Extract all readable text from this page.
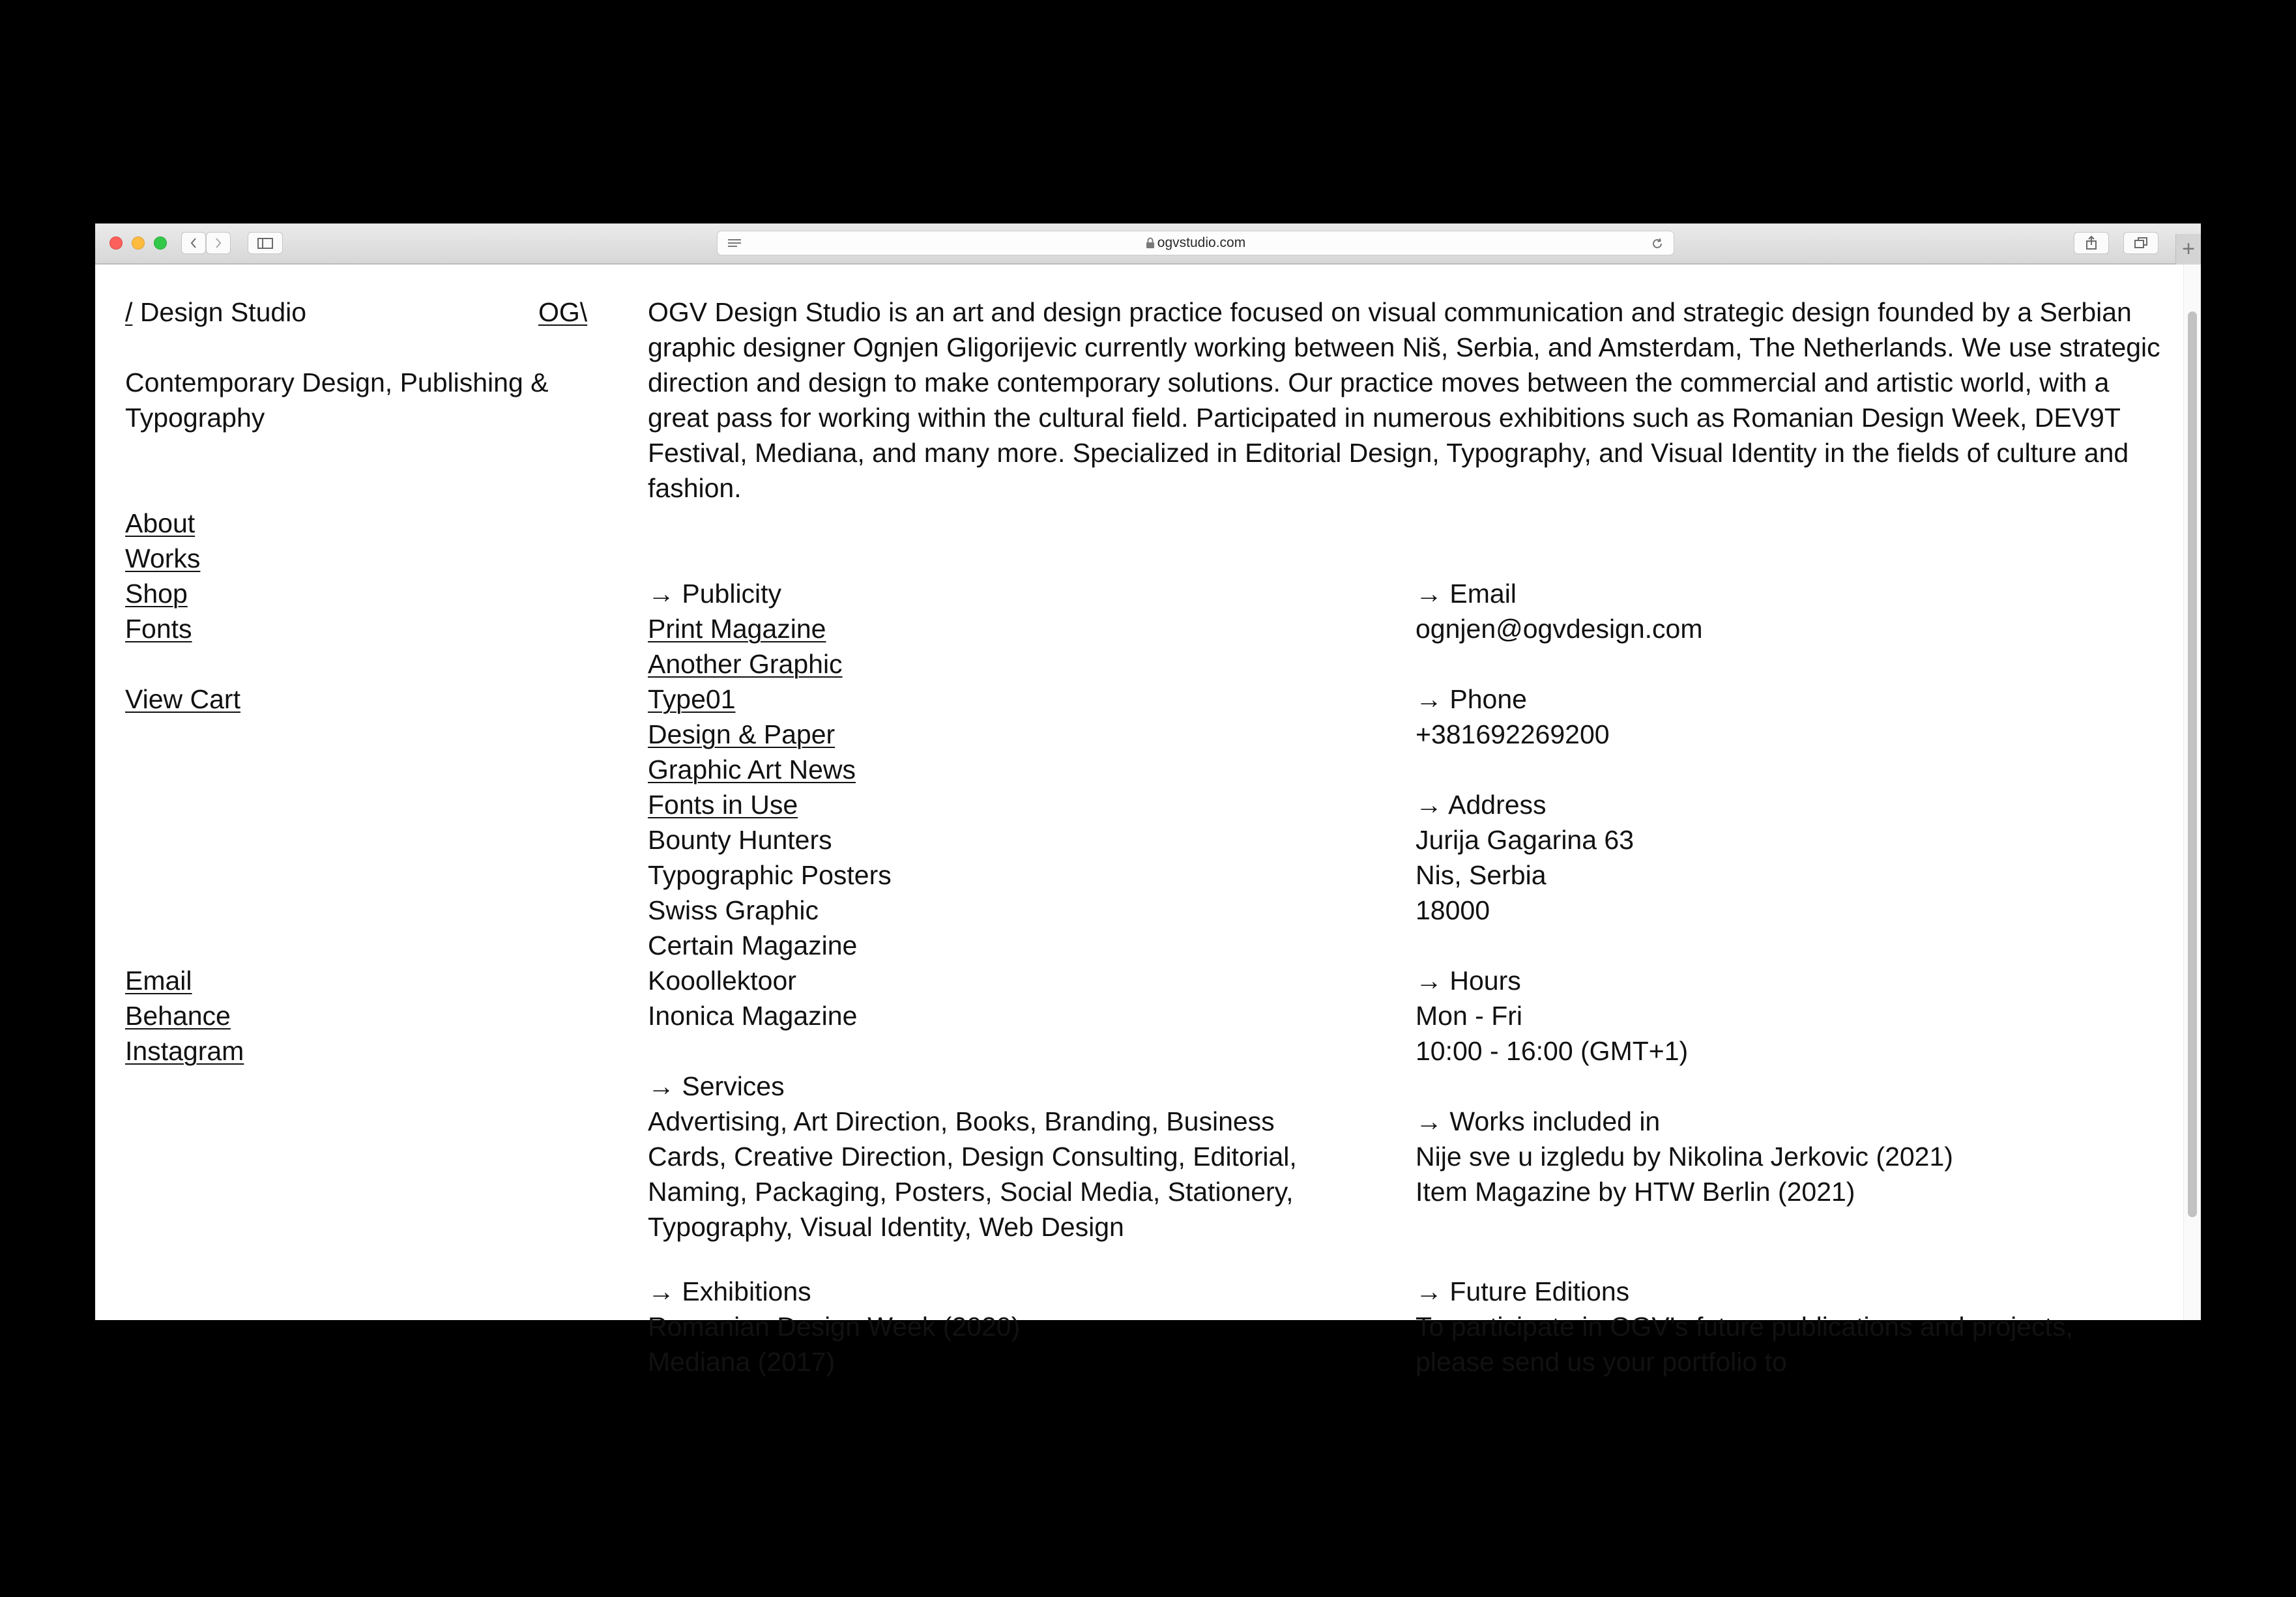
ogvstudio.com	+
/ Design Studio
Contemporary Design, Publishing & Typography
About
Works
Shop
Fonts
View Cart
Email
Behance
Instagram
OG\ OGV Design Studio is an art and design practice focused on visual communication and strategic design founded by a Serbian graphic designer Ognjen Gligorijevic currently working between Niš, Serbia, and Amsterdam, The Netherlands. We use strategic direction and design to make contemporary solutions. Our practice moves between the commercial and artistic world, with a great pass for working within the cultural field. Participated in numerous exhibitions such as Romanian Design Week, DEV9T Festival, Mediana, and many more. Specialized in Editorial Design, Typography, and Visual Identity in the fields of culture and fashion.
→ Publicity
Print Magazine
Another Graphic
Type01
Design & Paper
Graphic Art News
Fonts in Use
Bounty Hunters
Typographic Posters
Swiss Graphic
Certain Magazine
Kooollektoor
Inonica Magazine
→ Services
Advertising, Art Direction, Books, Branding, Business Cards, Creative Direction, Design Consulting, Editorial, Naming, Packaging, Posters, Social Media, Stationery, Typography, Visual Identity, Web Design
→ Exhibitions
Romanian Design Week (2020)
Mediana (2017)
→ Email
ognjen@ogvdesign.com
→ Phone
+381692269200
→ Address
Jurija Gagarina 63
Nis, Serbia
18000
→ Hours
Mon - Fri
10:00 - 16:00 (GMT+1)
→ Works included in
Nije sve u izgledu by Nikolina Jerkovic (2021)
Item Magazine by HTW Berlin (2021)
→ Future Editions
To participate in OGV’s future publications and projects, please send us your portfolio to
